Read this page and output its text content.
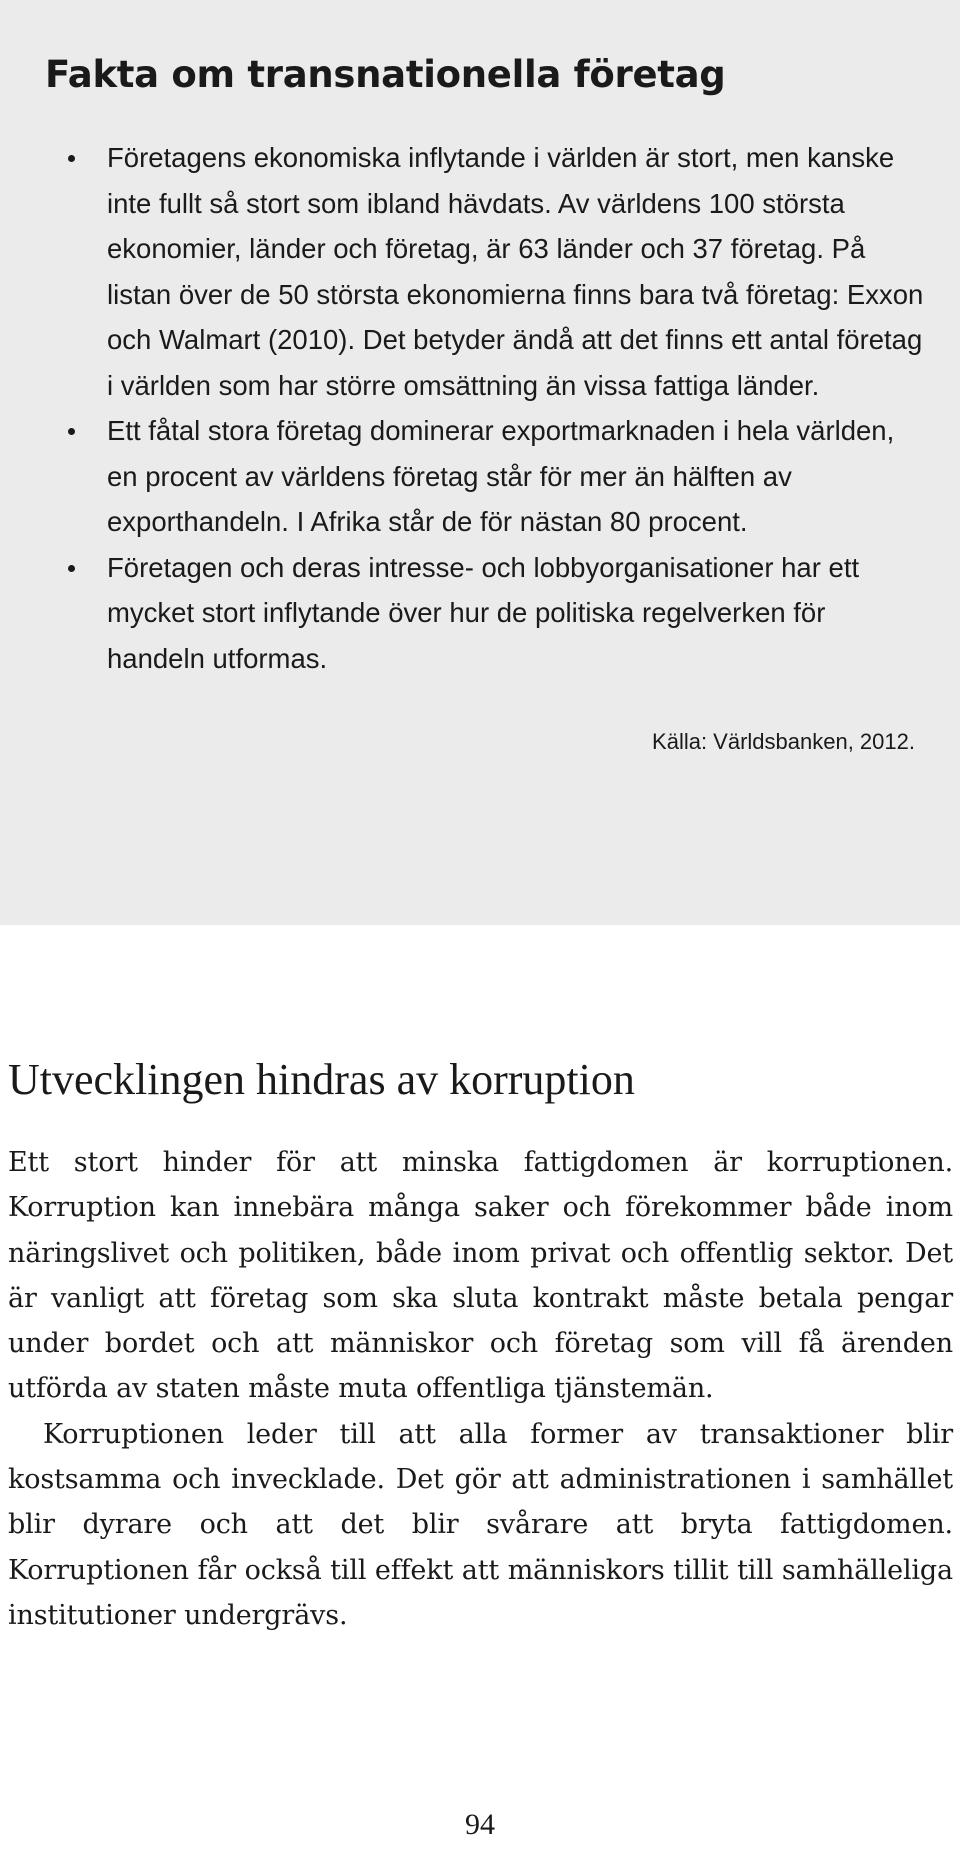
Fakta om transnationella företag
Företagens ekonomiska inflytande i världen är stort, men kanske inte fullt så stort som ibland hävdats. Av världens 100 största ekonomier, länder och företag, är 63 länder och 37 företag. På listan över de 50 största ekonomierna finns bara två företag: Exxon och Walmart (2010). Det betyder ändå att det finns ett antal företag i världen som har större omsättning än vissa fattiga länder.
Ett fåtal stora företag dominerar exportmarknaden i hela världen, en procent av världens företag står för mer än hälften av exporthandeln. I Afrika står de för nästan 80 procent.
Företagen och deras intresse- och lobbyorganisationer har ett mycket stort inflytande över hur de politiska regelverken för handeln utformas.
Källa: Världsbanken, 2012.
Utvecklingen hindras av korruption

Ett stort hinder för att minska fattigdomen är korruptionen. Korruption kan innebära många saker och förekommer både inom näringslivet och politiken, både inom privat och offentlig sektor. Det är vanligt att företag som ska sluta kontrakt måste betala pengar under bordet och att människor och företag som vill få ärenden utförda av staten måste muta offentliga tjänstemän.

Korruptionen leder till att alla former av transaktioner blir kostsamma och invecklade. Det gör att administrationen i samhället blir dyrare och att det blir svårare att bryta fattigdomen. Korruptionen får också till effekt att människors tillit till samhälleliga institutioner undergrävs.

94
